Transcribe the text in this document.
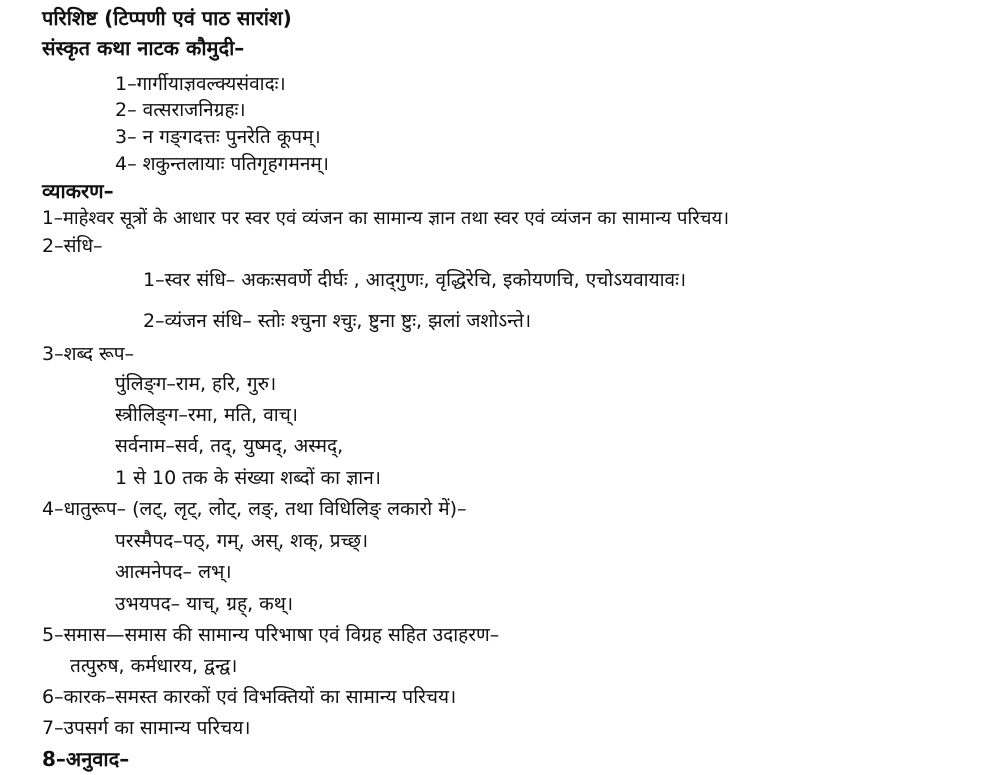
परिशिष्ट (टिप्पणी एवं पाठ सारांश)
संस्कृत कथा नाटक कौमुदी–
1–गार्गीयाज्ञवल्क्यसंवादः।
2– वत्सराजनिग्रहः।
3– न गङ्‌गदत्तः पुनरेति कूपम्।
4– शकुन्तलायाः पतिगृहगमनम्।
व्याकरण–
1–माहेश्वर सूत्रों के आधार पर स्वर एवं व्यंजन का सामान्य ज्ञान तथा स्वर एवं व्यंजन का सामान्य परिचय।
2–संधि–
1–स्वर संधि– अकःसवर्णे दीर्घः , आद्‌गुणः, वृद्धिरेचि, इकोयणचि, एचोऽयवायावः।
2–व्यंजन संधि– स्तोः श्चुना श्चुः, ष्टुना ष्टुः, झलां जशोऽन्ते।
3–शब्द रूप–
पुंलिङ्‌ग–राम, हरि, गुरु।
स्त्रीलिङ्‌ग–रमा, मति, वाच्।
सर्वनाम–सर्व, तद्, युष्मद्, अस्मद्,
1 से 10 तक के संख्या शब्दों का ज्ञान।
4–धातुरूप– (लट्, लृट्, लोट्, लङ्, तथा विधिलिङ् लकारो में)–
परस्मैपद–पठ्, गम्, अस्, शक्, प्रच्छ्।
आत्मनेपद– लभ्।
उभयपद– याच्, ग्रह्, कथ्।
5–समास—समास की सामान्य परिभाषा एवं विग्रह सहित उदाहरण–
तत्पुरुष, कर्मधारय, द्वन्द्व।
6–कारक–समस्त कारकों एवं विभक्तियों का सामान्य परिचय।
7–उपसर्ग का सामान्य परिचय।
8–अनुवाद–
